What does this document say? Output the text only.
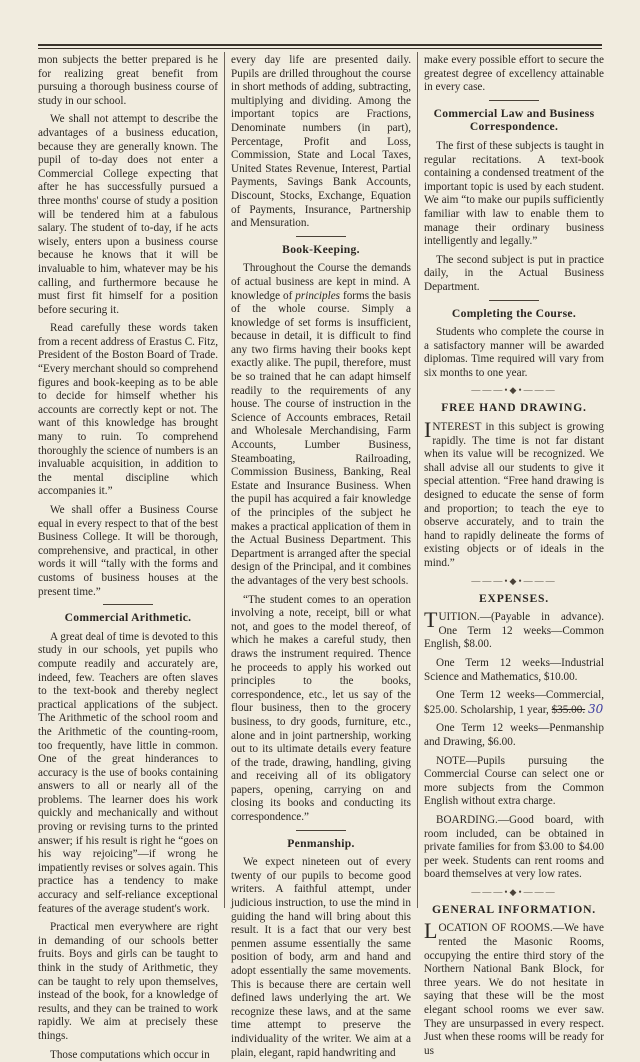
mon subjects the better prepared is he for realizing great benefit from pursuing a thorough business course of study in our school.

We shall not attempt to describe the advantages of a business education, because they are generally known. The pupil of to-day does not enter a Commercial College expecting that after he has successfully pursued a three months' course of study a position will be tendered him at a fabulous salary. The student of to-day, if he acts wisely, enters upon a business course because he knows that it will be invaluable to him, whatever may be his calling, and furthermore because he must first fit himself for a position before securing it.

Read carefully these words taken from a recent address of Erastus C. Fitz, President of the Boston Board of Trade. “Every merchant should so comprehend figures and book-keeping as to be able to decide for himself whether his accounts are correctly kept or not. The want of this knowledge has brought many to ruin. To comprehend thoroughly the science of numbers is an invaluable acquisition, in addition to the mental discipline which accompanies it.”

We shall offer a Business Course equal in every respect to that of the best Business College. It will be thorough, comprehensive, and practical, in other words it will “tally with the forms and customs of business houses at the present time.”

Commercial Arithmetic.

A great deal of time is devoted to this study in our schools, yet pupils who compute readily and accurately are, indeed, few. Teachers are often slaves to the text-book and thereby neglect practical applications of the subject. The Arithmetic of the school room and the Arithmetic of the counting-room, too frequently, have little in common. One of the great hinderances to accuracy is the use of books containing answers to all or nearly all of the problems. The learner does his work quickly and mechanically and without proving or revising turns to the printed answer; if his result is right he “goes on his way rejoicing”—if wrong he impatiently revises or solves again. This practice has a tendency to make accuracy and self-reliance exceptional features of the average student's work.

Practical men everywhere are right in demanding of our schools better fruits. Boys and girls can be taught to think in the study of Arithmetic, they can be taught to rely upon themselves, instead of the book, for a knowledge of results, and they can be trained to work rapidly. We aim at precisely these things.

Those computations which occur in

every day life are presented daily. Pupils are drilled throughout the course in short methods of adding, subtracting, multiplying and dividing. Among the important topics are Fractions, Denominate numbers (in part), Percentage, Profit and Loss, Commission, State and Local Taxes, United States Revenue, Interest, Partial Payments, Savings Bank Accounts, Discount, Stocks, Exchange, Equation of Payments, Insurance, Partnership and Mensuration.

Book-Keeping.

Throughout the Course the demands of actual business are kept in mind. A knowledge of principles forms the basis of the whole course. Simply a knowledge of set forms is insufficient, because in detail, it is difficult to find any two firms having their books kept exactly alike. The pupil, therefore, must be so trained that he can adapt himself readily to the requirements of any house. The course of instruction in the Science of Accounts embraces, Retail and Wholesale Merchandising, Farm Accounts, Lumber Business, Steamboating, Railroading, Commission Business, Banking, Real Estate and Insurance Business. When the pupil has acquired a fair knowledge of the principles of the subject he makes a practical application of them in the Actual Business Department. This Department is arranged after the special design of the Principal, and it combines the advantages of the very best schools.

“The student comes to an operation involving a note, receipt, bill or what not, and goes to the model thereof, of which he makes a careful study, then draws the instrument required. Thence he proceeds to apply his worked out principles to the books, correspondence, etc., let us say of the flour business, then to the grocery business, to dry goods, furniture, etc., alone and in joint partnership, working out to its ultimate details every feature of the trade, drawing, handling, giving and receiving all of its obligatory papers, opening, carrying on and closing its books and conducting its correspondence.”

Penmanship.

We expect nineteen out of every twenty of our pupils to become good writers. A faithful attempt, under judicious instruction, to use the mind in guiding the hand will bring about this result. It is a fact that our very best penmen assume essentially the same position of body, arm and hand and adopt essentially the same movements. This is because there are certain well defined laws underlying the art. We recognize these laws, and at the same time attempt to preserve the individuality of the writer. We aim at a plain, elegant, rapid handwriting and

make every possible effort to secure the greatest degree of excellency attainable in every case.

Commercial Law and Business Correspondence.

The first of these subjects is taught in regular recitations. A text-book containing a condensed treatment of the important topic is used by each student. We aim “to make our pupils sufficiently familiar with law to enable them to manage their ordinary business intelligently and legally.”

The second subject is put in practice daily, in the Actual Business Department.

Completing the Course.

Students who complete the course in a satisfactory manner will be awarded diplomas. Time required will vary from six months to one year.

———•◆•———
FREE HAND DRAWING.

INTEREST in this subject is growing rapidly. The time is not far distant when its value will be recognized. We shall advise all our students to give it special attention. “Free hand drawing is designed to educate the sense of form and proportion; to teach the eye to observe accurately, and to train the hand to rapidly delineate the forms of existing objects or of ideals in the mind.”

———•◆•———
EXPENSES.

TUITION.—(Payable in advance). One Term 12 weeks—Common English, $8.00.

One Term 12 weeks—Industrial Science and Mathematics, $10.00.

One Term 12 weeks—Commercial, $25.00. Scholarship, 1 year, $35.00. 30

One Term 12 weeks—Penmanship and Drawing, $6.00.

NOTE—Pupils pursuing the Commercial Course can select one or more subjects from the Common English without extra charge.

BOARDING.—Good board, with room included, can be obtained in private families for from $3.00 to $4.00 per week. Students can rent rooms and board themselves at very low rates.

———•◆•———
GENERAL INFORMATION.

LOCATION OF ROOMS.—We have rented the Masonic Rooms, occupying the entire third story of the Northern National Bank Block, for three years. We do not hesitate in saying that these will be the most elegant school rooms we ever saw. They are unsurpassed in every respect. Just when these rooms will be ready for us
